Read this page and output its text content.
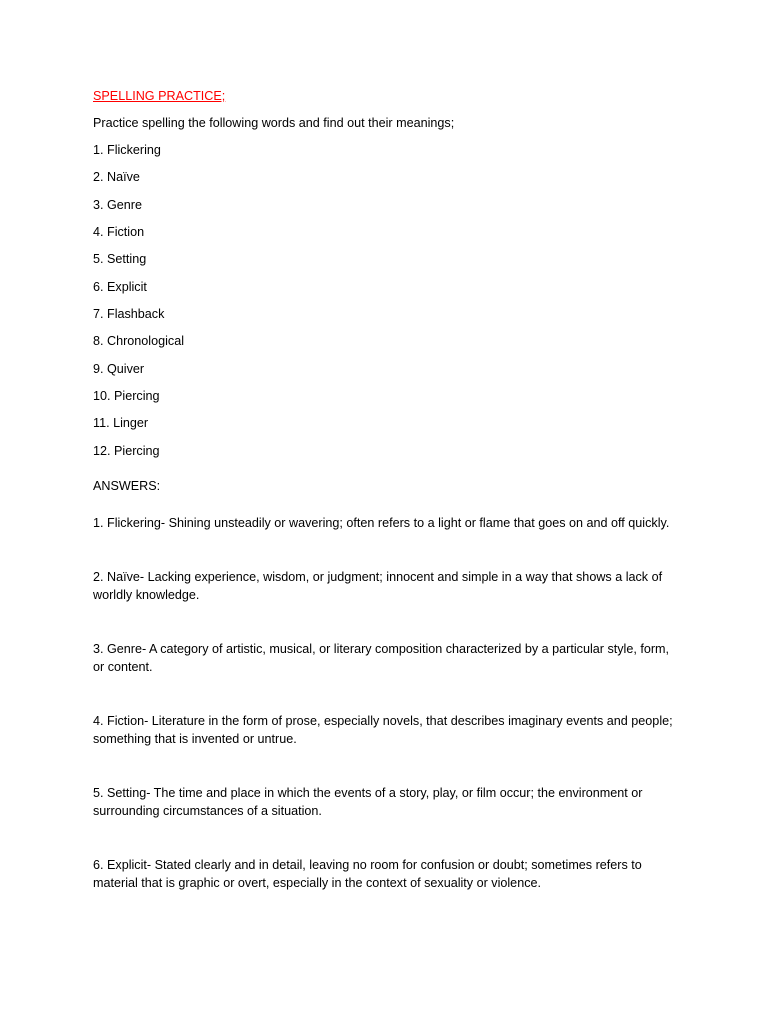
SPELLING PRACTICE;

Practice spelling the following words and find out their meanings;

1. Flickering
2. Naïve
3. Genre
4. Fiction
5. Setting
6. Explicit
7. Flashback
8. Chronological
9. Quiver
10. Piercing
11. Linger
12. Piercing

ANSWERS:

1. Flickering- Shining unsteadily or wavering; often refers to a light or flame that goes on and off quickly.
2. Naïve- Lacking experience, wisdom, or judgment; innocent and simple in a way that shows a lack of worldly knowledge.
3. Genre- A category of artistic, musical, or literary composition characterized by a particular style, form, or content.
4. Fiction- Literature in the form of prose, especially novels, that describes imaginary events and people; something that is invented or untrue.
5. Setting- The time and place in which the events of a story, play, or film occur; the environment or surrounding circumstances of a situation.
6. Explicit- Stated clearly and in detail, leaving no room for confusion or doubt; sometimes refers to material that is graphic or overt, especially in the context of sexuality or violence.
